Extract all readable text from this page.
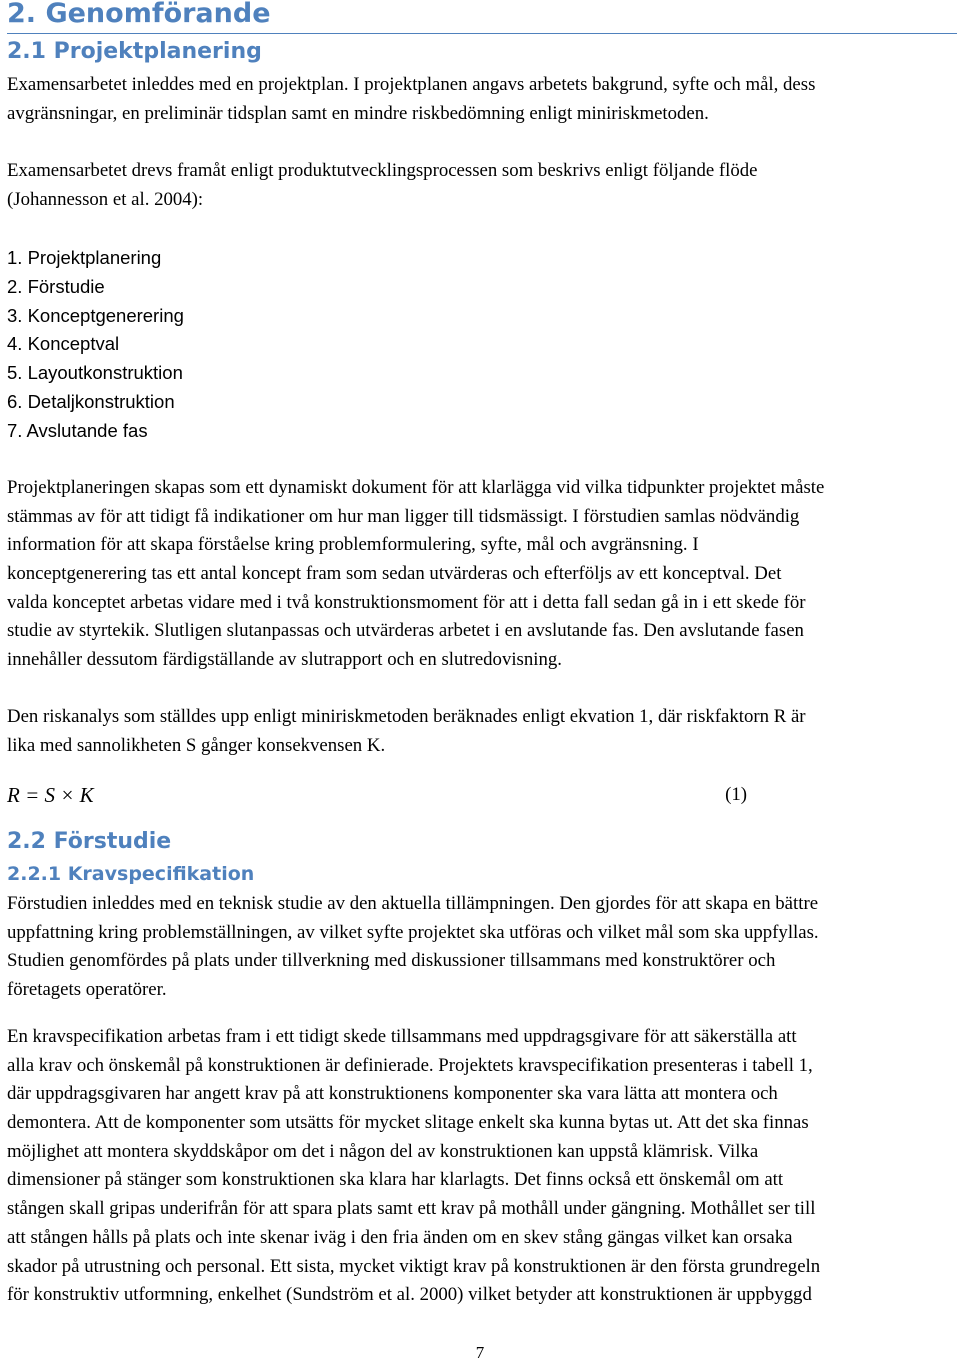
2. Genomförande
2.1 Projektplanering
Examensarbetet inleddes med en projektplan. I projektplanen angavs arbetets bakgrund, syfte och mål, dess
avgränsningar, en preliminär tidsplan samt en mindre riskbedömning enligt miniriskmetoden.
Examensarbetet drevs framåt enligt produktutvecklingsprocessen som beskrivs enligt följande flöde
(Johannesson et al. 2004):
1. Projektplanering
2. Förstudie
3. Konceptgenerering
4. Konceptval
5. Layoutkonstruktion
6. Detaljkonstruktion
7. Avslutande fas
Projektplaneringen skapas som ett dynamiskt dokument för att klarlägga vid vilka tidpunkter projektet måste
stämmas av för att tidigt få indikationer om hur man ligger till tidsmässigt. I förstudien samlas nödvändig
information för att skapa förståelse kring problemformulering, syfte, mål och avgränsning. I
konceptgenerering tas ett antal koncept fram som sedan utvärderas och efterföljs av ett konceptval. Det
valda konceptet arbetas vidare med i två konstruktionsmoment för att i detta fall sedan gå in i ett skede för
studie av styrtekik. Slutligen slutanpassas och utvärderas arbetet i en avslutande fas. Den avslutande fasen
innehåller dessutom färdigställande av slutrapport och en slutredovisning.
Den riskanalys som ställdes upp enligt miniriskmetoden beräknades enligt ekvation 1, där riskfaktorn R är
lika med sannolikheten S gånger konsekvensen K.
R = S × K	(1)
2.2 Förstudie
2.2.1 Kravspecifikation
Förstudien inleddes med en teknisk studie av den aktuella tillämpningen. Den gjordes för att skapa en bättre
uppfattning kring problemställningen, av vilket syfte projektet ska utföras och vilket mål som ska uppfyllas.
Studien genomfördes på plats under tillverkning med diskussioner tillsammans med konstruktörer och
företagets operatörer.
En kravspecifikation arbetas fram i ett tidigt skede tillsammans med uppdragsgivare för att säkerställa att
alla krav och önskemål på konstruktionen är definierade. Projektets kravspecifikation presenteras i tabell 1,
där uppdragsgivaren har angett krav på att konstruktionens komponenter ska vara lätta att montera och
demontera. Att de komponenter som utsätts för mycket slitage enkelt ska kunna bytas ut. Att det ska finnas
möjlighet att montera skyddskåpor om det i någon del av konstruktionen kan uppstå klämrisk. Vilka
dimensioner på stänger som konstruktionen ska klara har klarlagts. Det finns också ett önskemål om att
stången skall gripas underifrån för att spara plats samt ett krav på mothåll under gängning. Mothållet ser till
att stången hålls på plats och inte skenar iväg i den fria änden om en skev stång gängas vilket kan orsaka
skador på utrustning och personal. Ett sista, mycket viktigt krav på konstruktionen är den första grundregeln
för konstruktiv utformning, enkelhet (Sundström et al. 2000) vilket betyder att konstruktionen är uppbyggd
7
